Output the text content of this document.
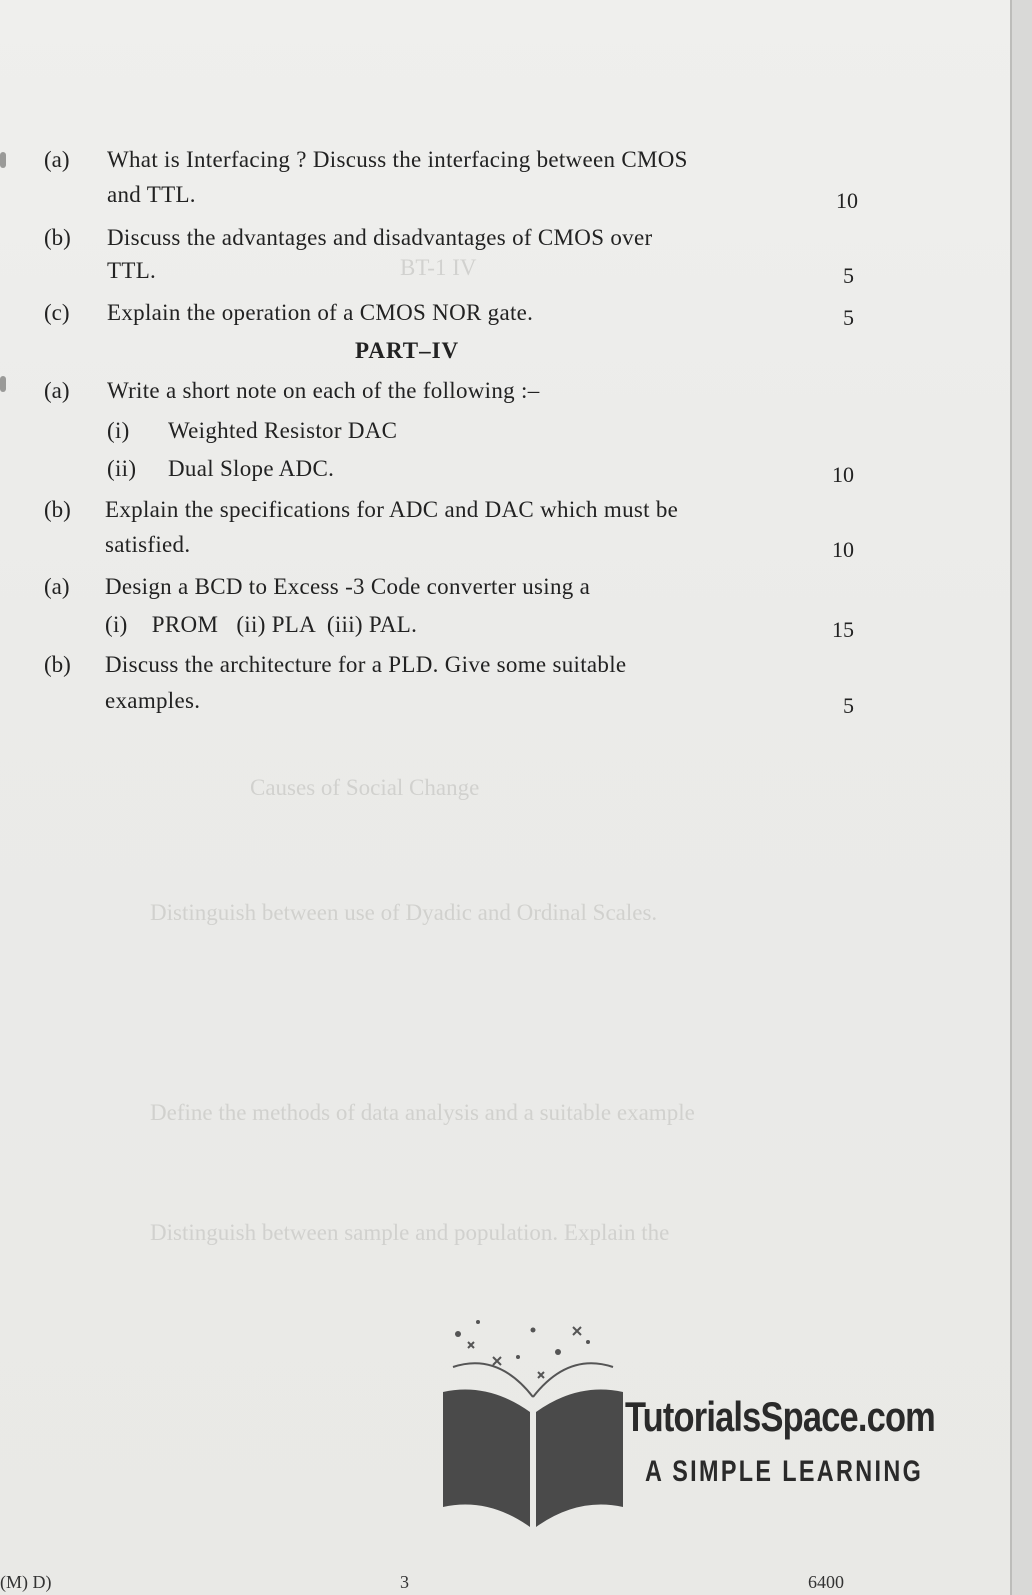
BT-1 IV
Causes of Social Change
Distinguish between use of Dyadic and Ordinal Scales.
Define the methods of data analysis and a suitable example
Distinguish between sample and population. Explain the
(a) What is Interfacing ? Discuss the interfacing between CMOS
and TTL.	10
(b) Discuss the advantages and disadvantages of CMOS over
TTL.	5
(c) Explain the operation of a CMOS NOR gate.	5
PART–IV
(a) Write a short note on each of the following :–
(i) Weighted Resistor DAC
(ii) Dual Slope ADC.	10
(b) Explain the specifications for ADC and DAC which must be
satisfied.	10
(a) Design a BCD to Excess -3 Code converter using a
(i)    PROM   (ii) PLA  (iii) PAL.	15
(b) Discuss the architecture for a PLD. Give some suitable
examples.	5
TutorialsSpace.com
A SIMPLE LEARNING
(M) D)	3	6400
